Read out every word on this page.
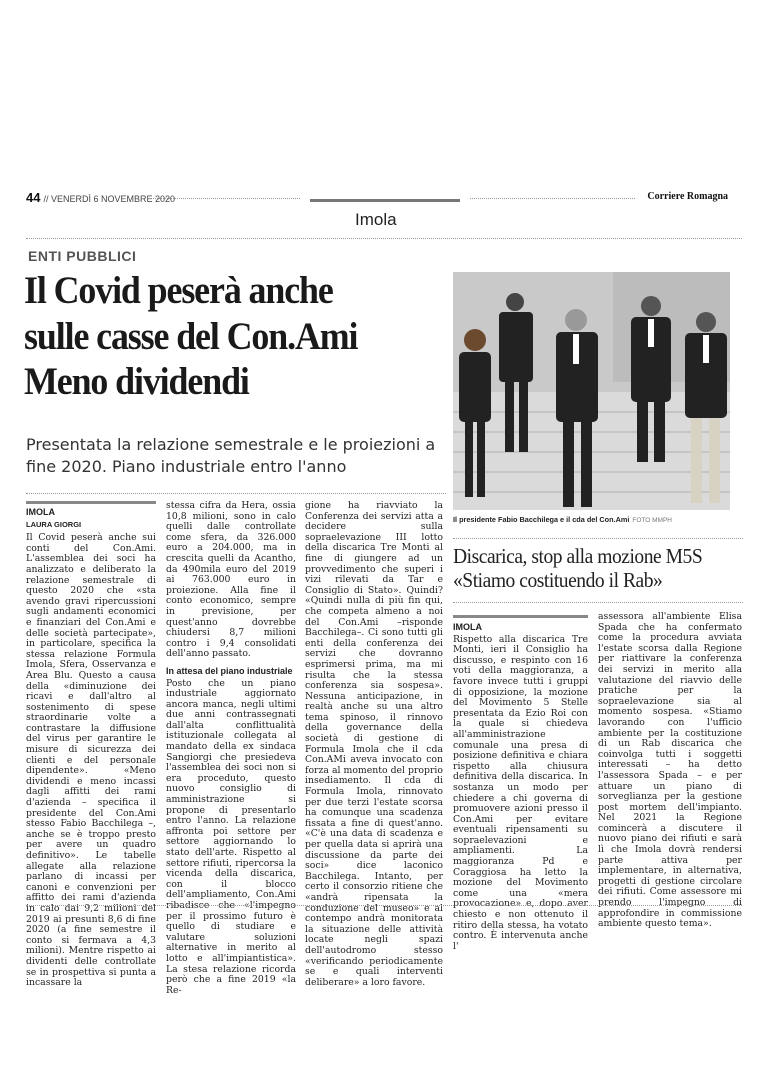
44 // VENERDÌ 6 NOVEMBRE 2020	Corriere Romagna
Imola
ENTI PUBBLICI
Il Covid peserà anche
sulle casse del Con.Ami
Meno dividendi
Presentata la relazione semestrale e le proiezioni a fine 2020. Piano industriale entro l'anno
Il presidente Fabio Bacchilega e il cda del Con.Ami FOTO MMPH
IMOLA
LAURA GIORGI

Il Covid peserà anche sui conti del Con.Ami. L'assemblea dei soci ha analizzato e deliberato la relazione semestrale di questo 2020 che «sta avendo gravi ripercussioni sugli andamenti economici e finanziari del Con.Ami e delle società partecipate», in particolare, specifica la stessa relazione Formula Imola, Sfera, Osservanza e Area Blu. Questo a causa della «diminuzione dei ricavi e dall'altro al sostenimento di spese straordinarie volte a contrastare la diffusione del virus per garantire le misure di sicurezza dei clienti e del personale dipendente». «Meno dividendi e meno incassi dagli affitti dei rami d'azienda – specifica il presidente del Con.Ami stesso Fabio Bacchilega –, anche se è troppo presto per avere un quadro definitivo». Le tabelle allegate alla relazione parlano di incassi per canoni e convenzioni per affitto dei rami d'azienda in calo dai 9,2 milioni del 2019 ai presunti 8,6 di fine 2020 (a fine semestre il conto si fermava a 4,3 milioni). Mentre rispetto ai dividenti delle controllate se in prospettiva si punta a incassare la

stessa cifra da Hera, ossia 10,8 milioni, sono in calo quelli dalle controllate come sfera, da 326.000 euro a 204.000, ma in crescita quelli da Acantho, da 490mila euro del 2019 ai 763.000 euro in proiezione. Alla fine il conto economico, sempre in previsione, per quest'anno dovrebbe chiudersi 8,7 milioni contro i 9,4 consolidati dell'anno passato.

In attesa del piano industriale

Posto che un piano industriale aggiornato ancora manca, negli ultimi due anni contrassegnati dall'alta conflittualità istituzionale collegata al mandato della ex sindaca Sangiorgi che presiedeva l'assemblea dei soci non si era proceduto, questo nuovo consiglio di amministrazione si propone di presentarlo entro l'anno. La relazione affronta poi settore per settore aggiornando lo stato dell'arte. Rispetto al settore rifiuti, ripercorsa la vicenda della discarica, con il blocco dell'ampliamento, Con.Ami ribadisce che «l'impegno per il prossimo futuro è quello di studiare e valutare soluzioni alternative in merito al lotto e all'impiantistica». La stesa relazione ricorda però che a fine 2019 «la Re-

gione ha riavviato la Conferenza dei servizi atta a decidere sulla sopraelevazione III lotto della discarica Tre Monti al fine di giungere ad un provvedimento che superi i vizi rilevati da Tar e Consiglio di Stato». Quindi? «Quindi nulla di più fin qui, che competa almeno a noi del Con.Ami –risponde Bacchilega–. Ci sono tutti gli enti della conferenza dei servizi che dovranno esprimersi prima, ma mi risulta che la stessa conferenza sia sospesa». Nessuna anticipazione, in realtà anche su una altro tema spinoso, il rinnovo della governance della società di gestione di Formula Imola che il cda Con.AMi aveva invocato con forza al momento del proprio insediamento. Il cda di Formula Imola, rinnovato per due terzi l'estate scorsa ha comunque una scadenza fissata a fine di quest'anno. «C'è una data di scadenza e per quella data si aprirà una discussione da parte dei soci» dice laconico Bacchilega. Intanto, per certo il consorzio ritiene che «andrà ripensata la conduzione del museo» e al contempo andrà monitorata la situazione delle attività locate negli spazi dell'autodromo stesso «verificando periodicamente se e quali interventi deliberare» a loro favore.

Discarica, stop alla mozione M5S «Stiamo costituendo il Rab»
IMOLA

Rispetto alla discarica Tre Monti, ieri il Consiglio ha discusso, e respinto con 16 voti della maggioranza, a favore invece tutti i gruppi di opposizione, la mozione del Movimento 5 Stelle presentata da Ezio Roi con la quale si chiedeva all'amministrazione comunale una presa di posizione definitiva e chiara rispetto alla chiusura definitiva della discarica. In sostanza un modo per chiedere a chi governa di promuovere azioni presso il Con.Ami per evitare eventuali ripensamenti su sopraelevazioni e ampliamenti. La maggioranza Pd e Coraggiosa ha letto la mozione del Movimento come una «mera provocazione» e, dopo aver chiesto e non ottenuto il ritiro della stessa, ha votato contro. È intervenuta anche l'

assessora all'ambiente Elisa Spada che ha confermato come la procedura avviata l'estate scorsa dalla Regione per riattivare la conferenza dei servizi in merito alla valutazione del riavvio delle pratiche per la sopraelevazione sia al momento sospesa. «Stiamo lavorando con l'ufficio ambiente per la costituzione di un Rab discarica che coinvolga tutti i soggetti interessati – ha detto l'assessora Spada – e per attuare un piano di sorveglianza per la gestione post mortem dell'impianto. Nel 2021 la Regione comincerà a discutere il nuovo piano dei rifiuti e sarà lì che Imola dovrà rendersi parte attiva per implementare, in alternativa, progetti di gestione circolare dei rifiuti. Come assessore mi prendo l'impegno di approfondire in commissione ambiente questo tema».
